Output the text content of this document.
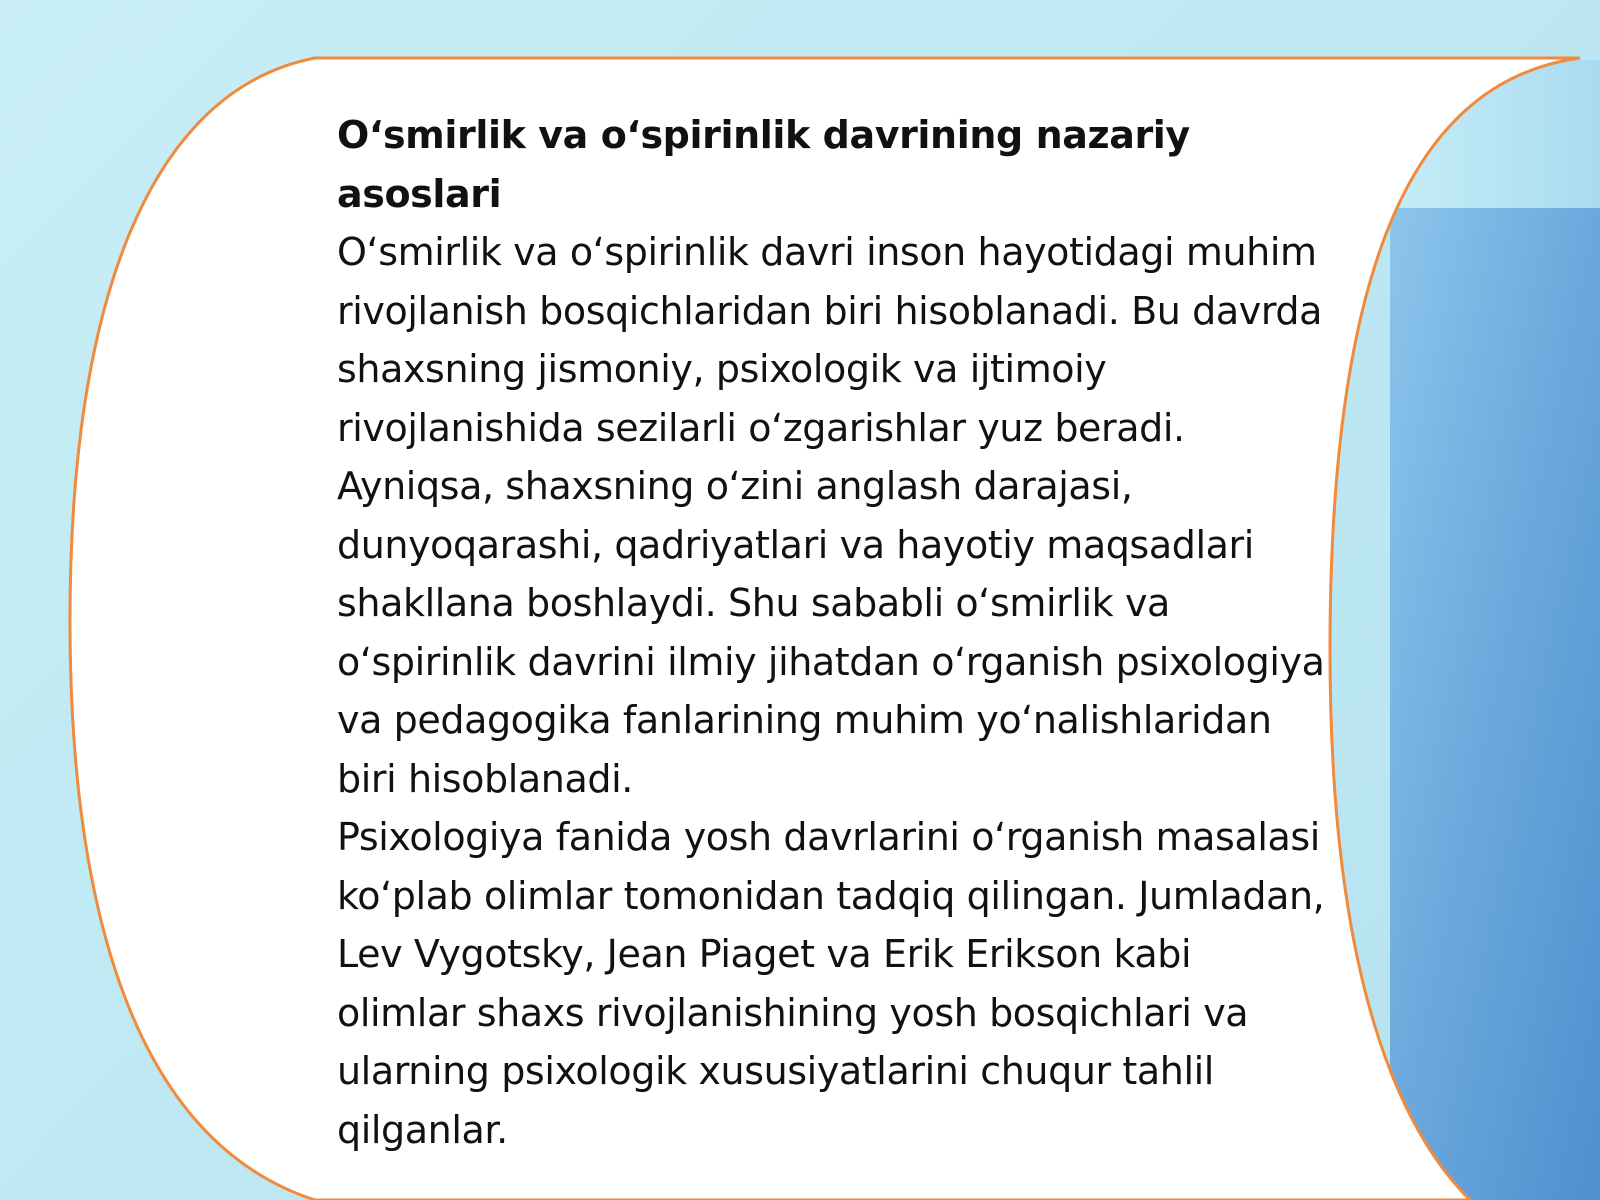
O‘smirlik va o‘spirinlik davrining nazariy asoslari

O‘smirlik va o‘spirinlik davri inson hayotidagi muhim rivojlanish bosqichlaridan biri hisoblanadi. Bu davrda shaxsning jismoniy, psixologik va ijtimoiy rivojlanishida sezilarli o‘zgarishlar yuz beradi. Ayniqsa, shaxsning o‘zini anglash darajasi, dunyoqarashi, qadriyatlari va hayotiy maqsadlari shakllana boshlaydi. Shu sababli o‘smirlik va o‘spirinlik davrini ilmiy jihatdan o‘rganish psixologiya va pedagogika fanlarining muhim yo‘nalishlaridan biri hisoblanadi.

Psixologiya fanida yosh davrlarini o‘rganish masalasi ko‘plab olimlar tomonidan tadqiq qilingan. Jumladan, Lev Vygotsky, Jean Piaget va Erik Erikson kabi olimlar shaxs rivojlanishining yosh bosqichlari va ularning psixologik xususiyatlarini chuqur tahlil qilganlar.
